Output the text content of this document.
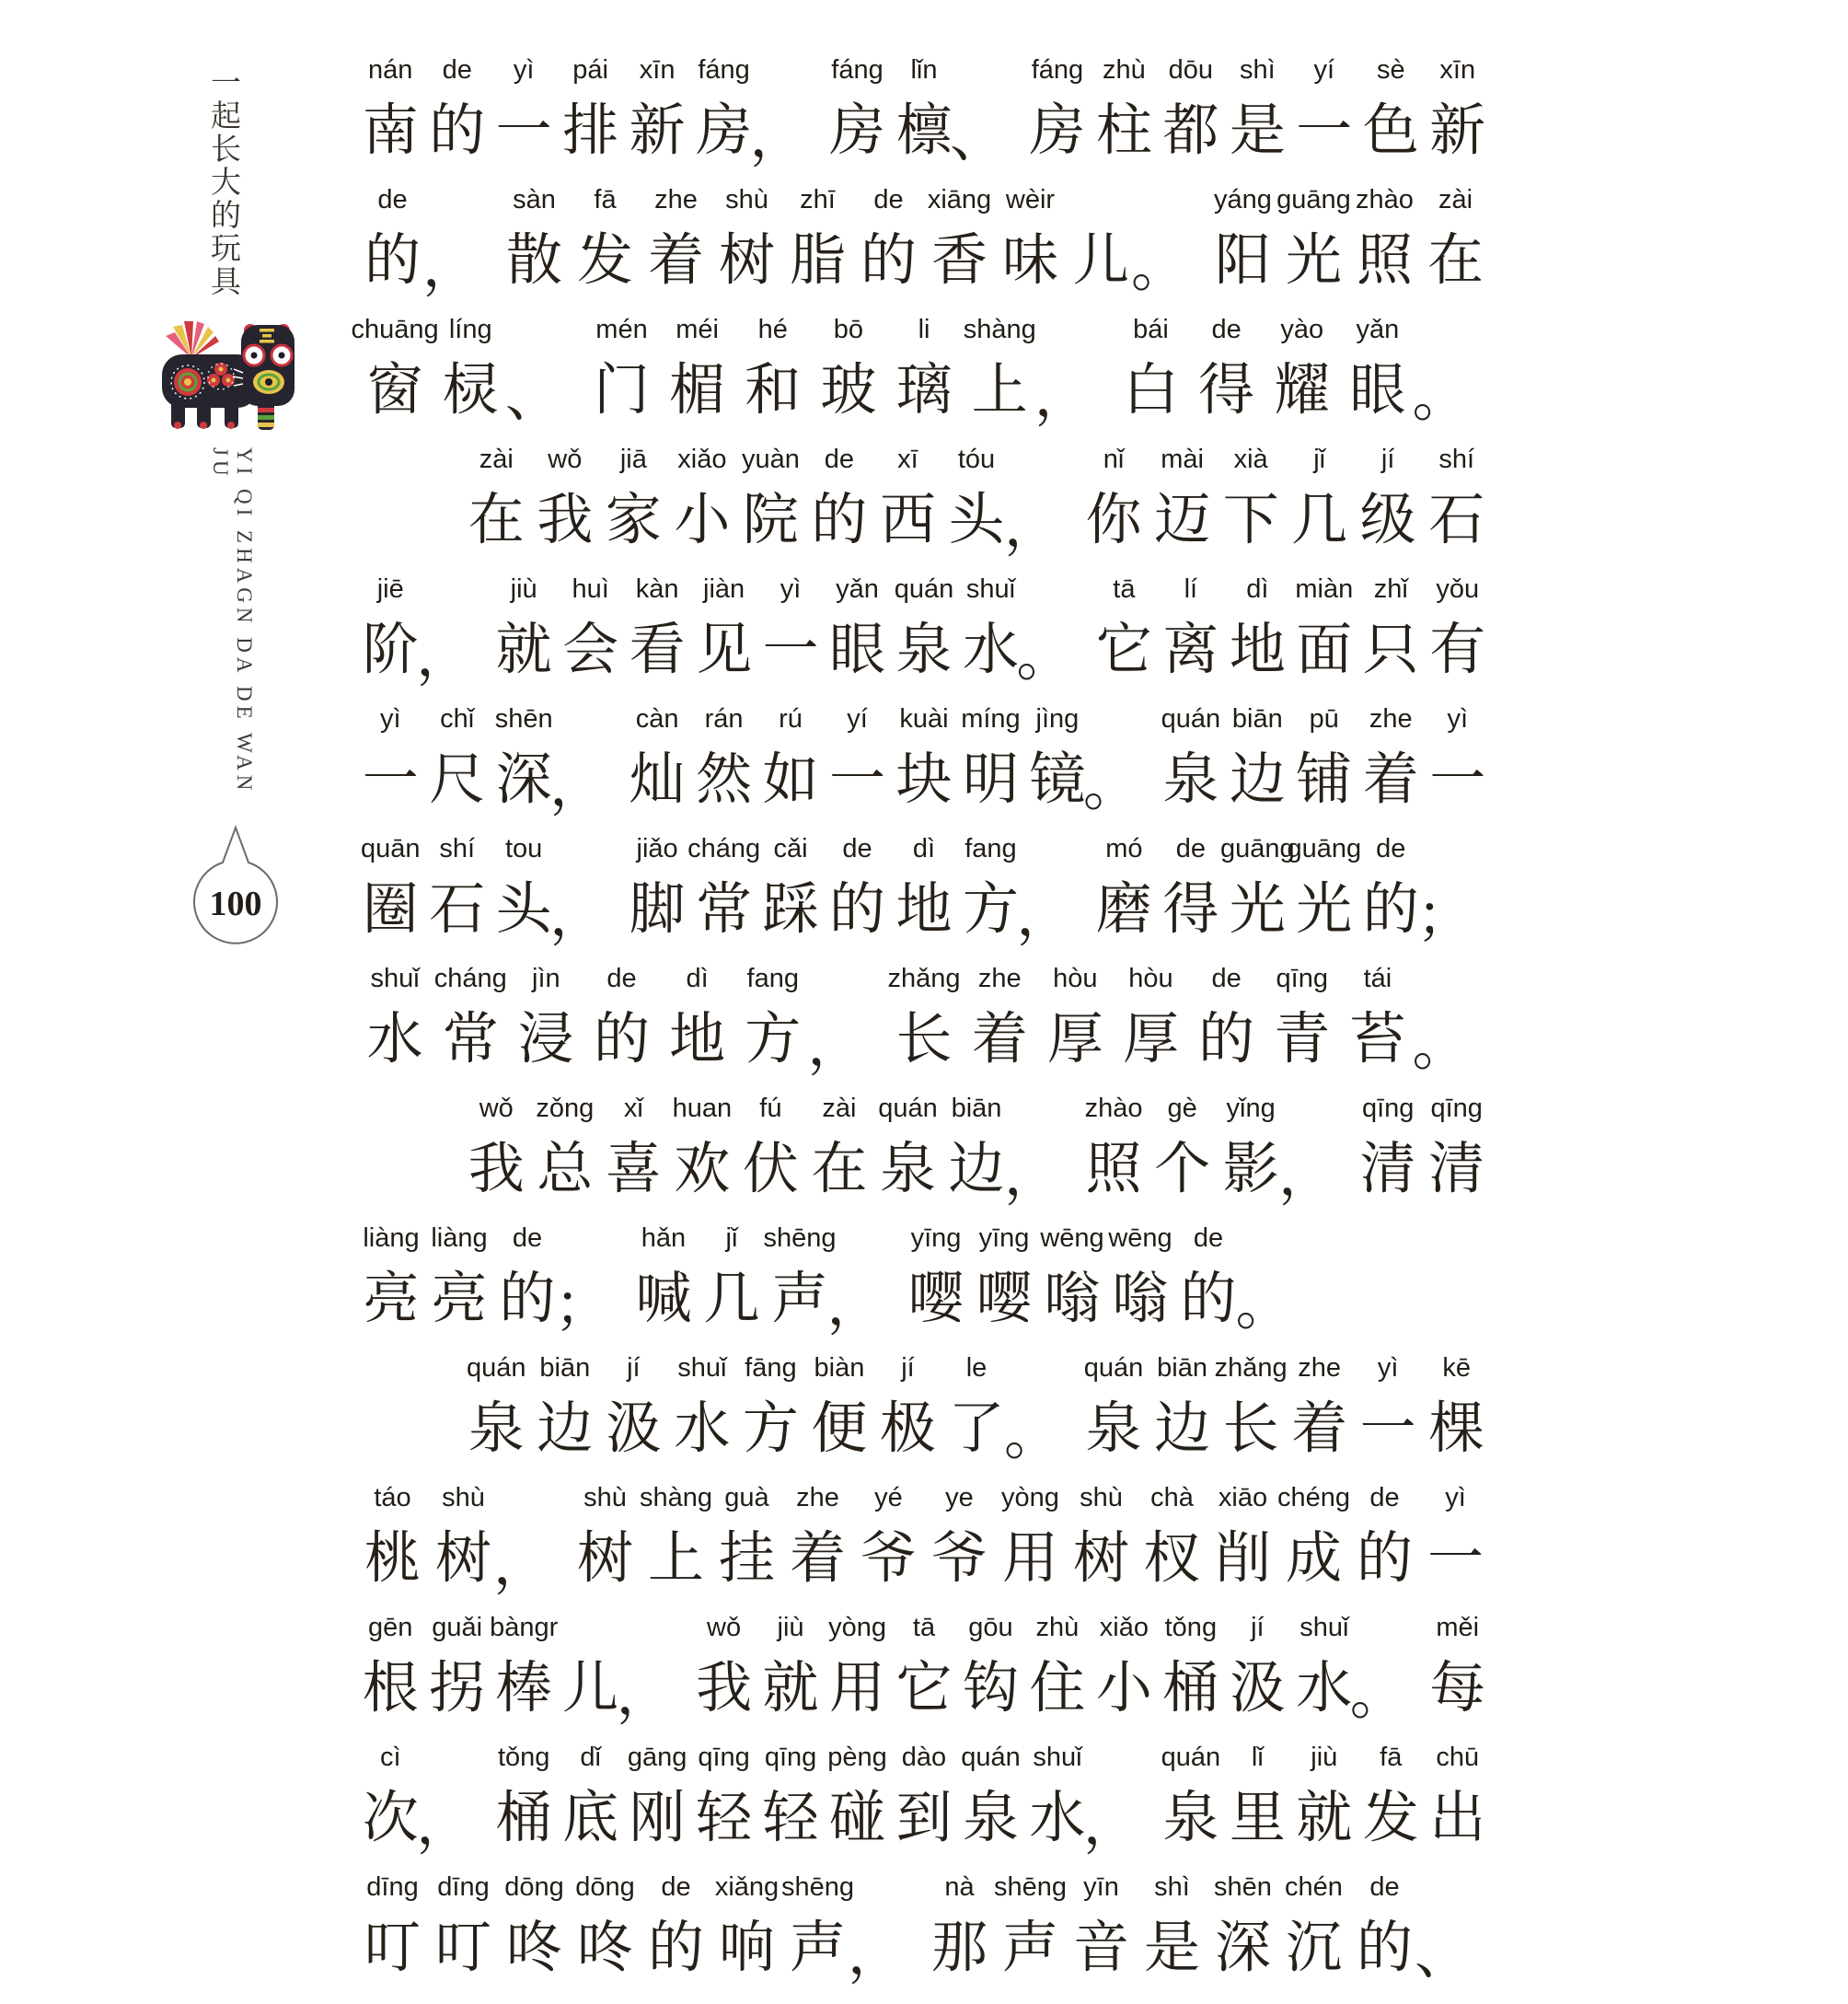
一起长大的玩具
YI QI ZHAGN DA DE WAN JU
100
nán
南
de
的
yì
一
pái
排
xīn
新
fáng
房
，
fáng
房
lǐn
檩
、
fáng
房
zhù
柱
dōu
都
shì
是
yí
一
sè
色
xīn
新
de
的 ，
sàn
散
fā
发
zhe
着
shù
树
zhī
脂
de
的
xiāng
香
wèir
味 儿 。
yáng
阳
guāng
光
zhào
照
zài
在
chuāng
窗
líng
棂 、
mén
门
méi
楣
hé
和
bō
玻
li
璃
shàng
上 ，
bái
白
de
得
yào
耀
yǎn
眼 。
zài
在
wǒ
我
jiā
家
xiǎo
小
yuàn
院
de
的
xī
西
tóu
头 ，
nǐ
你
mài
迈
xià
下
jǐ
几
jí
级
shí
石
jiē
阶
，
jiù
就
huì
会
kàn
看
jiàn
见
yì
一
yǎn
眼
quán
泉
shuǐ
水
。
tā
它
lí
离
dì
地
miàn
面
zhǐ
只
yǒu
有
yì
一
chǐ
尺
shēn
深
，
càn
灿
rán
然
rú
如
yí
一
kuài
块
míng
明
jìng
镜
。
quán
泉
biān
边
pū
铺
zhe
着
yì
一
quān
圈
shí
石
tou
头
，
jiǎo
脚
cháng
常
cǎi
踩
de
的
dì
地
fang
方
，
mó
磨
de
得
guāng
光
guāng
光
de
的
；
shuǐ
水
cháng
常
jìn
浸
de
的
dì
地
fang
方 ，
zhǎng
长
zhe
着
hòu
厚
hòu
厚
de
的
qīng
青
tái
苔 。
wǒ
我
zǒng
总
xǐ
喜
huan
欢
fú
伏
zài
在
quán
泉
biān
边 ，
zhào
照
gè
个
yǐng
影 ，
qīng
清
qīng
清
liàng
亮
liàng
亮
de
的
；
hǎn
喊
jǐ
几
shēng
声
，
yīng
嘤
yīng
嘤
wēng
嗡
wēng
嗡
de
的
。
quán
泉
biān
边
jí
汲
shuǐ
水
fāng
方
biàn
便
jí
极
le
了 。
quán
泉
biān
边
zhǎng
长
zhe
着
yì
一
kē
棵
táo
桃
shù
树 ，
shù
树
shàng
上
guà
挂
zhe
着
yé
爷
ye
爷
yòng
用
shù
树
chà
杈
xiāo
削
chéng
成
de
的
yì
一
gēn
根
guǎi
拐
bàngr
棒 儿
，
wǒ
我
jiù
就
yòng
用
tā
它
gōu
钩
zhù
住
xiǎo
小
tǒng
桶
jí
汲
shuǐ
水
。
měi
每
cì
次
，
tǒng
桶
dǐ
底
gāng
刚
qīng
轻
qīng
轻
pèng
碰
dào
到
quán
泉
shuǐ
水
，
quán
泉
lǐ
里
jiù
就
fā
发
chū
出
dīng
叮
dīng
叮
dōng
咚
dōng
咚
de
的
xiǎng
响
shēng
声 ，
nà
那
shēng
声
yīn
音
shì
是
shēn
深
chén
沉
de
的 、
